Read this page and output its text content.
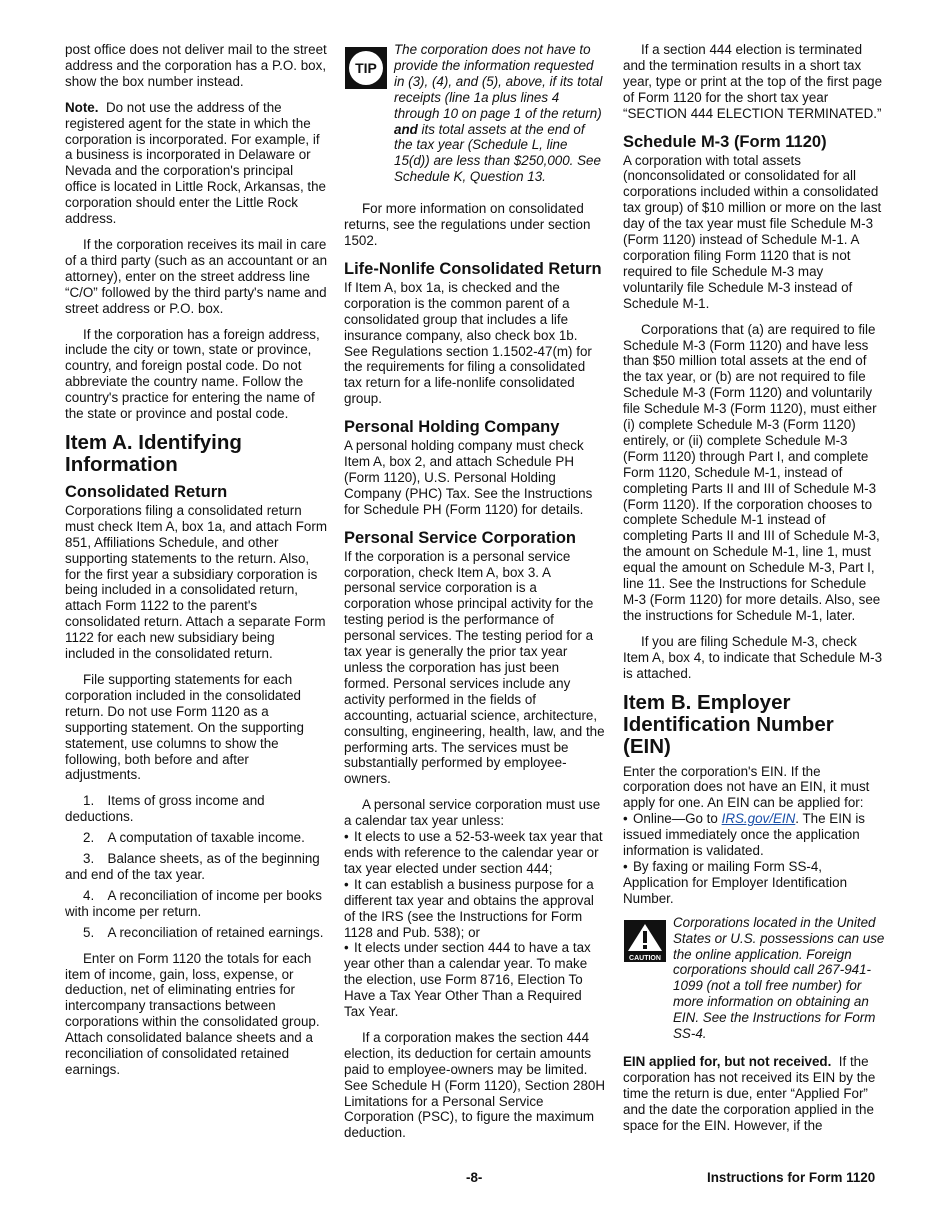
post office does not deliver mail to the street address and the corporation has a P.O. box, show the box number instead.

Note. Do not use the address of the registered agent for the state in which the corporation is incorporated. For example, if a business is incorporated in Delaware or Nevada and the corporation's principal office is located in Little Rock, Arkansas, the corporation should enter the Little Rock address.

If the corporation receives its mail in care of a third party (such as an accountant or an attorney), enter on the street address line “C/O” followed by the third party's name and street address or P.O. box.

If the corporation has a foreign address, include the city or town, state or province, country, and foreign postal code. Do not abbreviate the country name. Follow the country's practice for entering the name of the state or province and postal code.

Item A. Identifying Information
Consolidated Return

Corporations filing a consolidated return must check Item A, box 1a, and attach Form 851, Affiliations Schedule, and other supporting statements to the return. Also, for the first year a subsidiary corporation is being included in a consolidated return, attach Form 1122 to the parent's consolidated return. Attach a separate Form 1122 for each new subsidiary being included in the consolidated return.

File supporting statements for each corporation included in the consolidated return. Do not use Form 1120 as a supporting statement. On the supporting statement, use columns to show the following, both before and after adjustments.

1. Items of gross income and deductions.

2. A computation of taxable income.

3. Balance sheets, as of the beginning and end of the tax year.

4. A reconciliation of income per books with income per return.

5. A reconciliation of retained earnings.

Enter on Form 1120 the totals for each item of income, gain, loss, expense, or deduction, net of eliminating entries for intercompany transactions between corporations within the consolidated group. Attach consolidated balance sheets and a reconciliation of consolidated retained earnings.

TIP
The corporation does not have to provide the information requested in (3), (4), and (5), above, if its total receipts (line 1a plus lines 4 through 10 on page 1 of the return) and its total assets at the end of the tax year (Schedule L, line 15(d)) are less than $250,000. See Schedule K, Question 13.

For more information on consolidated returns, see the regulations under section 1502.

Life-Nonlife Consolidated Return

If Item A, box 1a, is checked and the corporation is the common parent of a consolidated group that includes a life insurance company, also check box 1b. See Regulations section 1.1502-47(m) for the requirements for filing a consolidated tax return for a life-nonlife consolidated group.

Personal Holding Company

A personal holding company must check Item A, box 2, and attach Schedule PH (Form 1120), U.S. Personal Holding Company (PHC) Tax. See the Instructions for Schedule PH (Form 1120) for details.

Personal Service Corporation

If the corporation is a personal service corporation, check Item A, box 3. A personal service corporation is a corporation whose principal activity for the testing period is the performance of personal services. The testing period for a tax year is generally the prior tax year unless the corporation has just been formed. Personal services include any activity performed in the fields of accounting, actuarial science, architecture, consulting, engineering, health, law, and the performing arts. The services must be substantially performed by employee-owners.

A personal service corporation must use a calendar tax year unless:

• It elects to use a 52-53-week tax year that ends with reference to the calendar year or tax year elected under section 444;

• It can establish a business purpose for a different tax year and obtains the approval of the IRS (see the Instructions for Form 1128 and Pub. 538); or

• It elects under section 444 to have a tax year other than a calendar year. To make the election, use Form 8716, Election To Have a Tax Year Other Than a Required Tax Year.

If a corporation makes the section 444 election, its deduction for certain amounts paid to employee-owners may be limited. See Schedule H (Form 1120), Section 280H Limitations for a Personal Service Corporation (PSC), to figure the maximum deduction.

If a section 444 election is terminated and the termination results in a short tax year, type or print at the top of the first page of Form 1120 for the short tax year “SECTION 444 ELECTION TERMINATED.”

Schedule M-3 (Form 1120)

A corporation with total assets (nonconsolidated or consolidated for all corporations included within a consolidated tax group) of $10 million or more on the last day of the tax year must file Schedule M-3 (Form 1120) instead of Schedule M-1. A corporation filing Form 1120 that is not required to file Schedule M-3 may voluntarily file Schedule M-3 instead of Schedule M-1.

Corporations that (a) are required to file Schedule M-3 (Form 1120) and have less than $50 million total assets at the end of the tax year, or (b) are not required to file Schedule M-3 (Form 1120) and voluntarily file Schedule M-3 (Form 1120), must either (i) complete Schedule M-3 (Form 1120) entirely, or (ii) complete Schedule M-3 (Form 1120) through Part I, and complete Form 1120, Schedule M-1, instead of completing Parts II and III of Schedule M-3 (Form 1120). If the corporation chooses to complete Schedule M-1 instead of completing Parts II and III of Schedule M-3, the amount on Schedule M-1, line 1, must equal the amount on Schedule M-3, Part I, line 11. See the Instructions for Schedule M-3 (Form 1120) for more details. Also, see the instructions for Schedule M-1, later.

If you are filing Schedule M-3, check Item A, box 4, to indicate that Schedule M-3 is attached.

Item B. Employer Identification Number (EIN)

Enter the corporation's EIN. If the corporation does not have an EIN, it must apply for one. An EIN can be applied for:

• Online—Go to IRS.gov/EIN. The EIN is issued immediately once the application information is validated.

• By faxing or mailing Form SS-4, Application for Employer Identification Number.

CAUTION
Corporations located in the United States or U.S. possessions can use the online application. Foreign corporations should call 267-941-1099 (not a toll free number) for more information on obtaining an EIN. See the Instructions for Form SS-4.

EIN applied for, but not received. If the corporation has not received its EIN by the time the return is due, enter “Applied For” and the date the corporation applied in the space for the EIN. However, if the

-8-	Instructions for Form 1120
